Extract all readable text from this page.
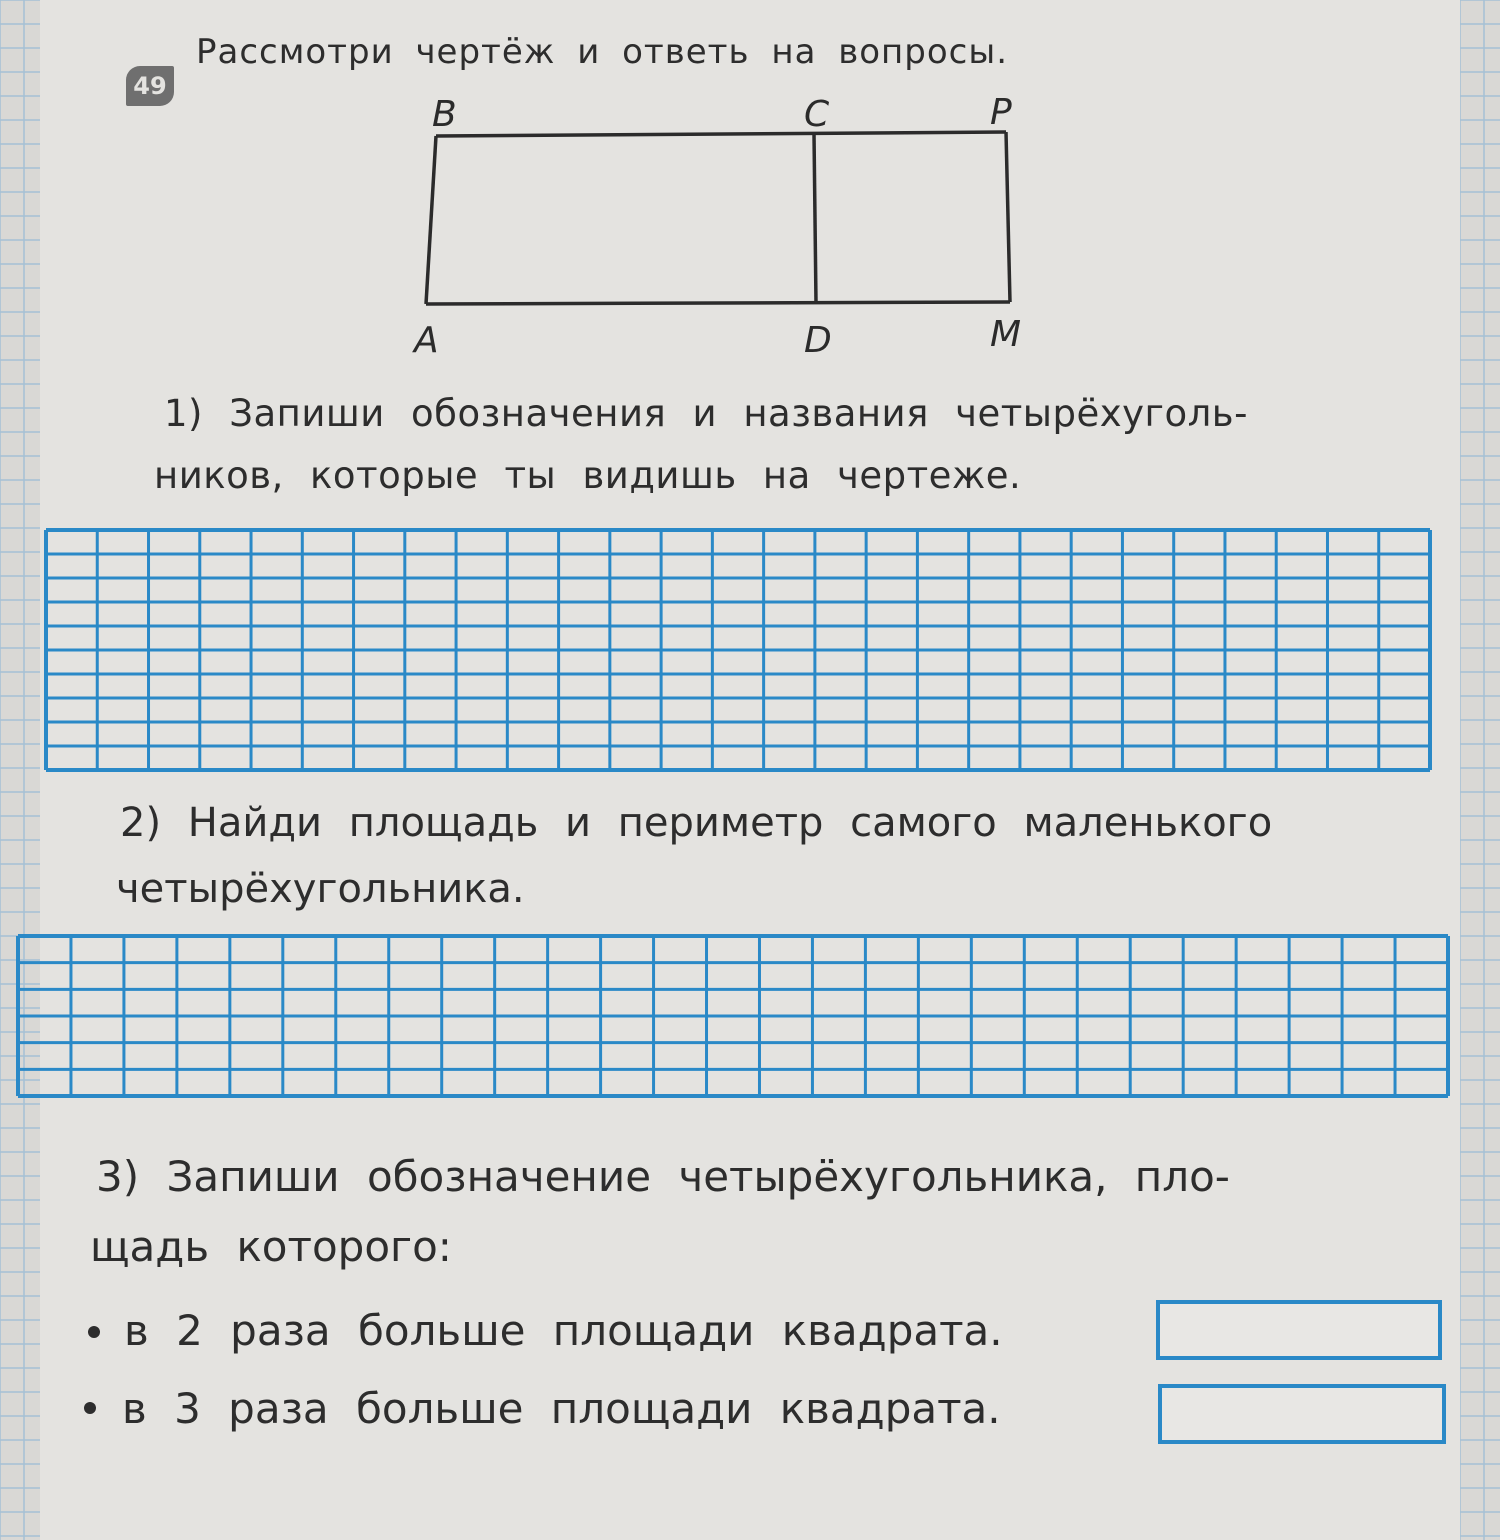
49
Рассмотри чертёж и ответь на вопросы.
B	C	P
A	D	M
1) Запиши обозначения и названия четырёхуголь-
ников, которые ты видишь на чертеже.
2) Найди площадь и периметр самого маленького
четырёхугольника.
3) Запиши обозначение четырёхугольника, пло-
щадь которого:
в 2 раза больше площади квадрата.
в 3 раза больше площади квадрата.
